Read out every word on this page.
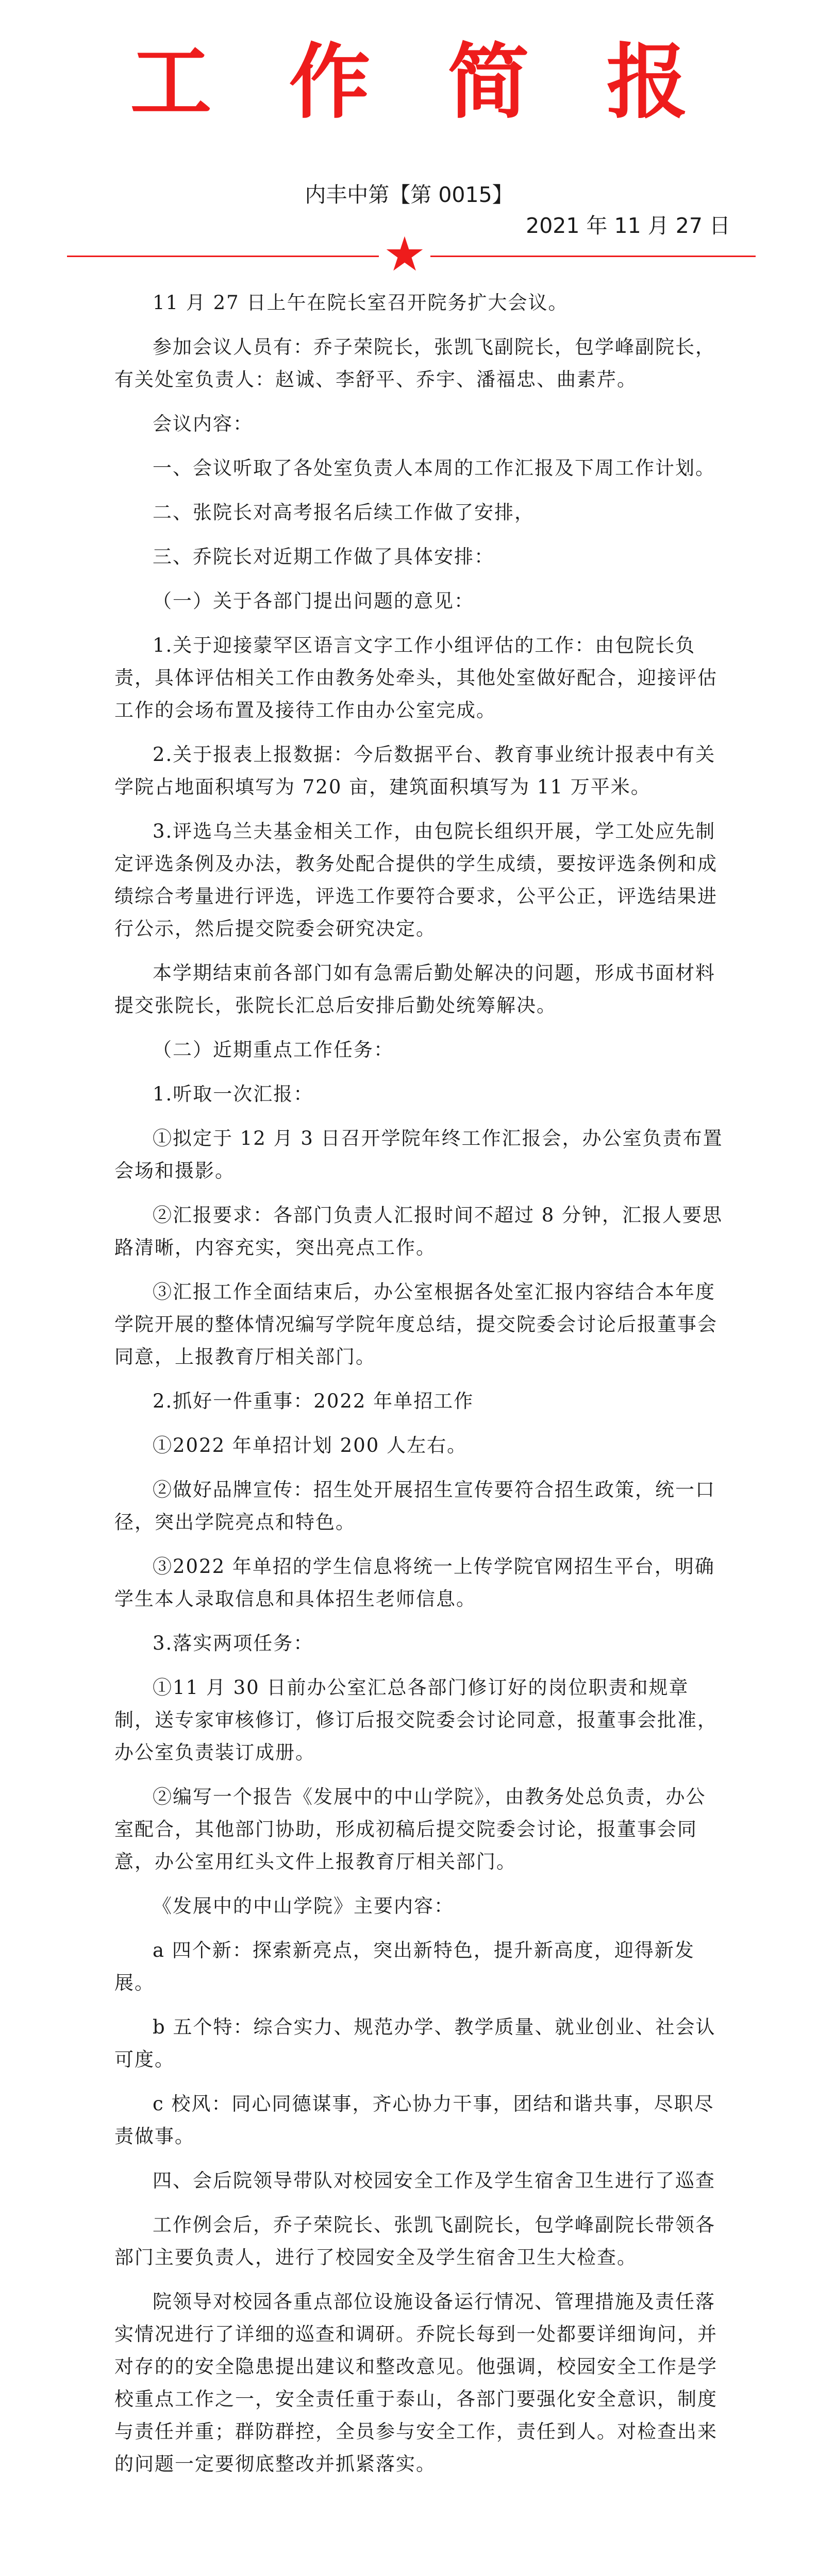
工作简报
内丰中第【第 0015】
2021 年 11 月 27 日
★

11 月 27 日上午在院长室召开院务扩大会议。

参加会议人员有：乔子荣院长，张凯飞副院长，包学峰副院长，有关处室负责人：赵诚、李舒平、乔宇、潘福忠、曲素芹。

会议内容：

一、会议听取了各处室负责人本周的工作汇报及下周工作计划。

二、张院长对高考报名后续工作做了安排，

三、乔院长对近期工作做了具体安排：

（一）关于各部门提出问题的意见：

1.关于迎接蒙罕区语言文字工作小组评估的工作：由包院长负责，具体评估相关工作由教务处牵头，其他处室做好配合，迎接评估工作的会场布置及接待工作由办公室完成。

2.关于报表上报数据：今后数据平台、教育事业统计报表中有关学院占地面积填写为 720 亩，建筑面积填写为 11 万平米。

3.评选乌兰夫基金相关工作，由包院长组织开展，学工处应先制定评选条例及办法，教务处配合提供的学生成绩，要按评选条例和成绩综合考量进行评选，评选工作要符合要求，公平公正，评选结果进行公示，然后提交院委会研究决定。

本学期结束前各部门如有急需后勤处解决的问题，形成书面材料提交张院长，张院长汇总后安排后勤处统筹解决。

（二）近期重点工作任务：

1.听取一次汇报：

①拟定于 12 月 3 日召开学院年终工作汇报会，办公室负责布置会场和摄影。

②汇报要求：各部门负责人汇报时间不超过 8 分钟，汇报人要思路清晰，内容充实，突出亮点工作。

③汇报工作全面结束后，办公室根据各处室汇报内容结合本年度学院开展的整体情况编写学院年度总结，提交院委会讨论后报董事会同意，上报教育厅相关部门。

2.抓好一件重事：2022 年单招工作

①2022 年单招计划 200 人左右。

②做好品牌宣传：招生处开展招生宣传要符合招生政策，统一口径，突出学院亮点和特色。

③2022 年单招的学生信息将统一上传学院官网招生平台，明确学生本人录取信息和具体招生老师信息。

3.落实两项任务：

①11 月 30 日前办公室汇总各部门修订好的岗位职责和规章制，送专家审核修订，修订后报交院委会讨论同意，报董事会批准，办公室负责装订成册。

②编写一个报告《发展中的中山学院》，由教务处总负责，办公室配合，其他部门协助，形成初稿后提交院委会讨论，报董事会同意，办公室用红头文件上报教育厅相关部门。

《发展中的中山学院》主要内容：

a 四个新：探索新亮点，突出新特色，提升新高度，迎得新发展。

b 五个特：综合实力、规范办学、教学质量、就业创业、社会认可度。

c 校风：同心同德谋事，齐心协力干事，团结和谐共事，尽职尽责做事。

四、会后院领导带队对校园安全工作及学生宿舍卫生进行了巡查

工作例会后，乔子荣院长、张凯飞副院长，包学峰副院长带领各部门主要负责人，进行了校园安全及学生宿舍卫生大检查。

院领导对校园各重点部位设施设备运行情况、管理措施及责任落实情况进行了详细的巡查和调研。乔院长每到一处都要详细询问，并对存的的安全隐患提出建议和整改意见。他强调，校园安全工作是学校重点工作之一，安全责任重于泰山，各部门要强化安全意识，制度与责任并重；群防群控，全员参与安全工作，责任到人。对检查出来的问题一定要彻底整改并抓紧落实。
